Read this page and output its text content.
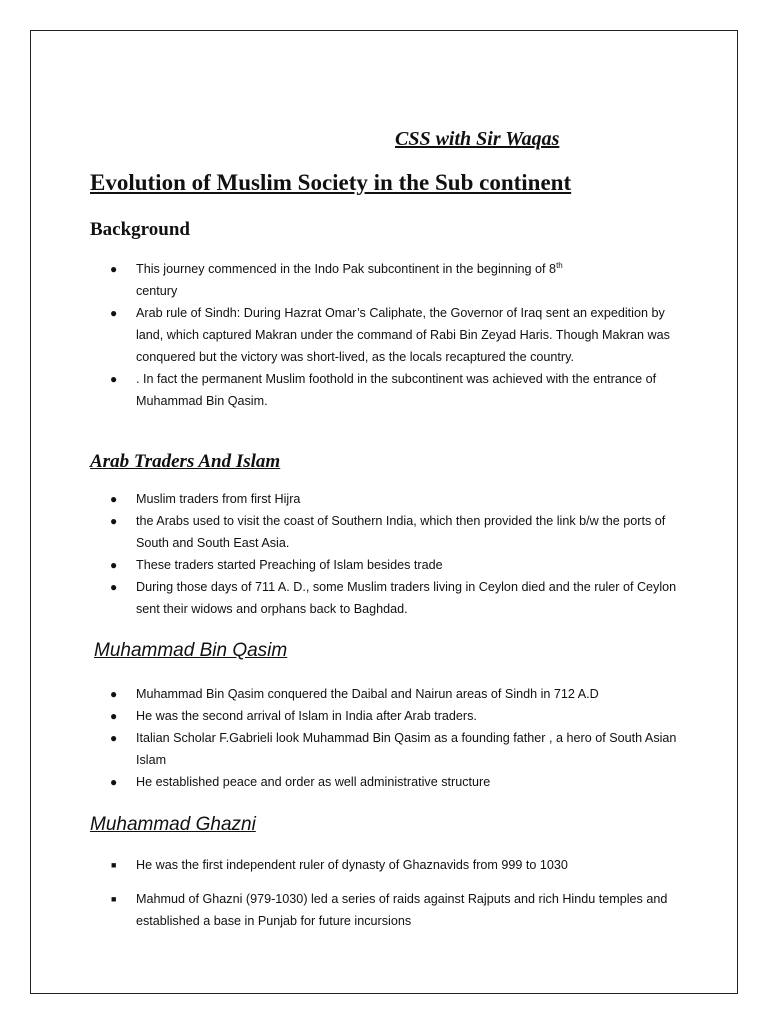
CSS with Sir Waqas
Evolution of Muslim Society in the Sub continent
Background
● This journey commenced in the Indo Pak subcontinent in the beginning of 8th
century
● Arab rule of Sindh: During Hazrat Omar’s Caliphate, the Governor of Iraq sent an expedition by land, which captured Makran under the command of Rabi Bin Zeyad Haris. Though Makran was conquered but the victory was short-lived, as the locals recaptured the country.
● . In fact the permanent Muslim foothold in the subcontinent was achieved with the entrance of Muhammad Bin Qasim.
Arab Traders And Islam
● Muslim traders from first Hijra
● the Arabs used to visit the coast of Southern India, which then provided the link b/w the ports of South and South East Asia.
● These traders started Preaching of Islam besides trade
● During those days of 711 A. D., some Muslim traders living in Ceylon died and the ruler of Ceylon sent their widows and orphans back to Baghdad.
Muhammad Bin Qasim
● Muhammad Bin Qasim conquered the Daibal and Nairun areas of Sindh in 712 A.D
● He was the second arrival of Islam in India after Arab traders.
● Italian Scholar F.Gabrieli look Muhammad Bin Qasim as a founding father , a hero of South Asian Islam
● He established peace and order as well administrative structure
Muhammad Ghazni
■ He was the first independent ruler of dynasty of Ghaznavids from 999 to 1030
■ Mahmud of Ghazni (979-1030) led a series of raids against Rajputs and rich Hindu temples and established a base in Punjab for future incursions
